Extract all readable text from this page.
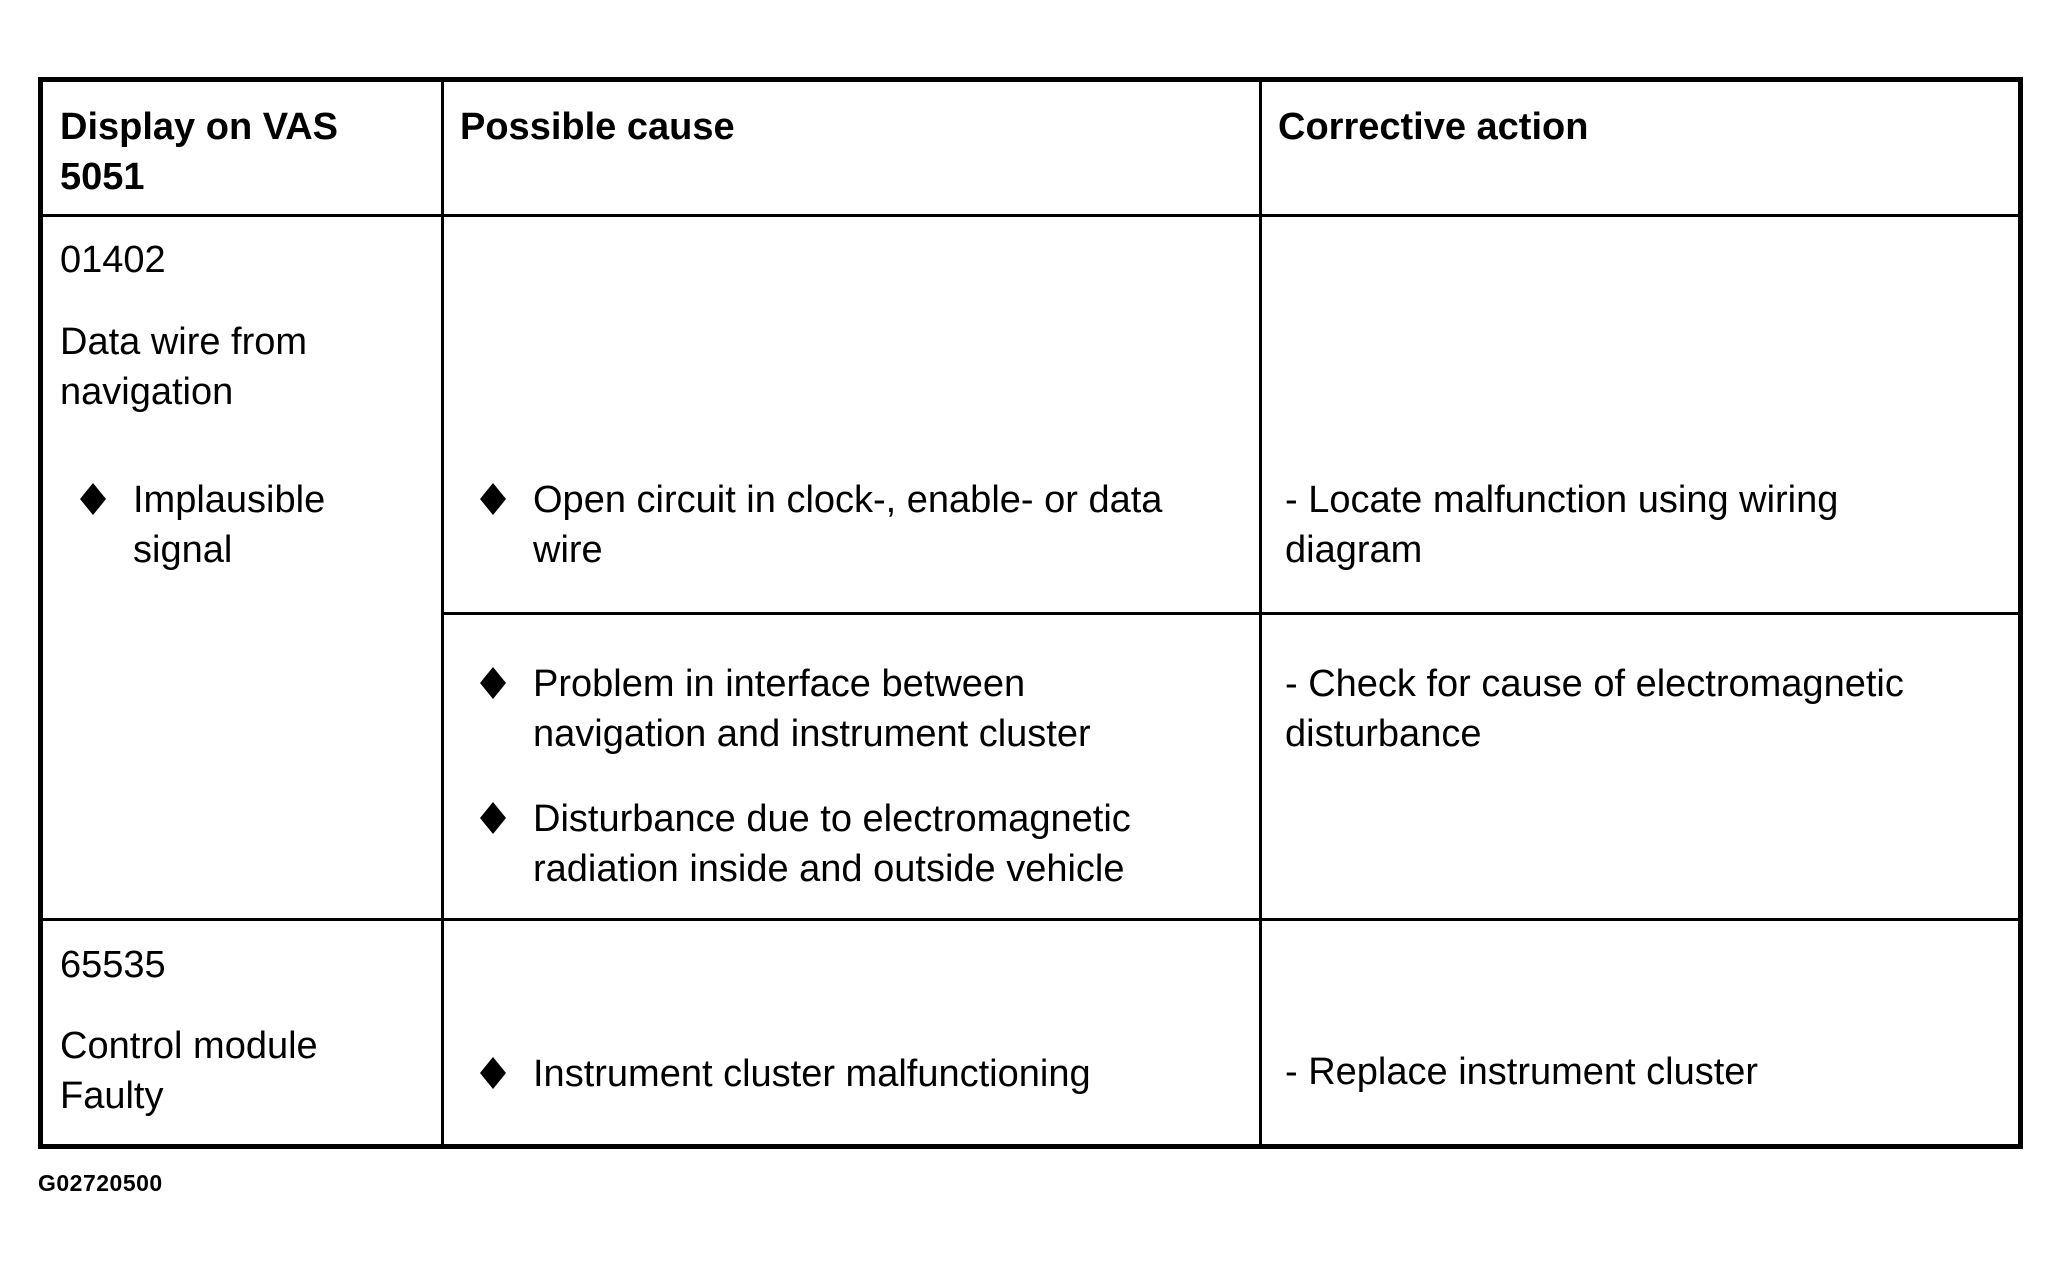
Display on VAS
5051
Possible cause	Corrective action
01402
Data wire from
navigation
Implausible
signal
Open circuit in clock-, enable- or data
wire
- Locate malfunction using wiring
diagram
Problem in interface between
navigation and instrument cluster
Disturbance due to electromagnetic
radiation inside and outside vehicle
- Check for cause of electromagnetic
disturbance
65535
Control module
Faulty
Instrument cluster malfunctioning	- Replace instrument cluster
G02720500
